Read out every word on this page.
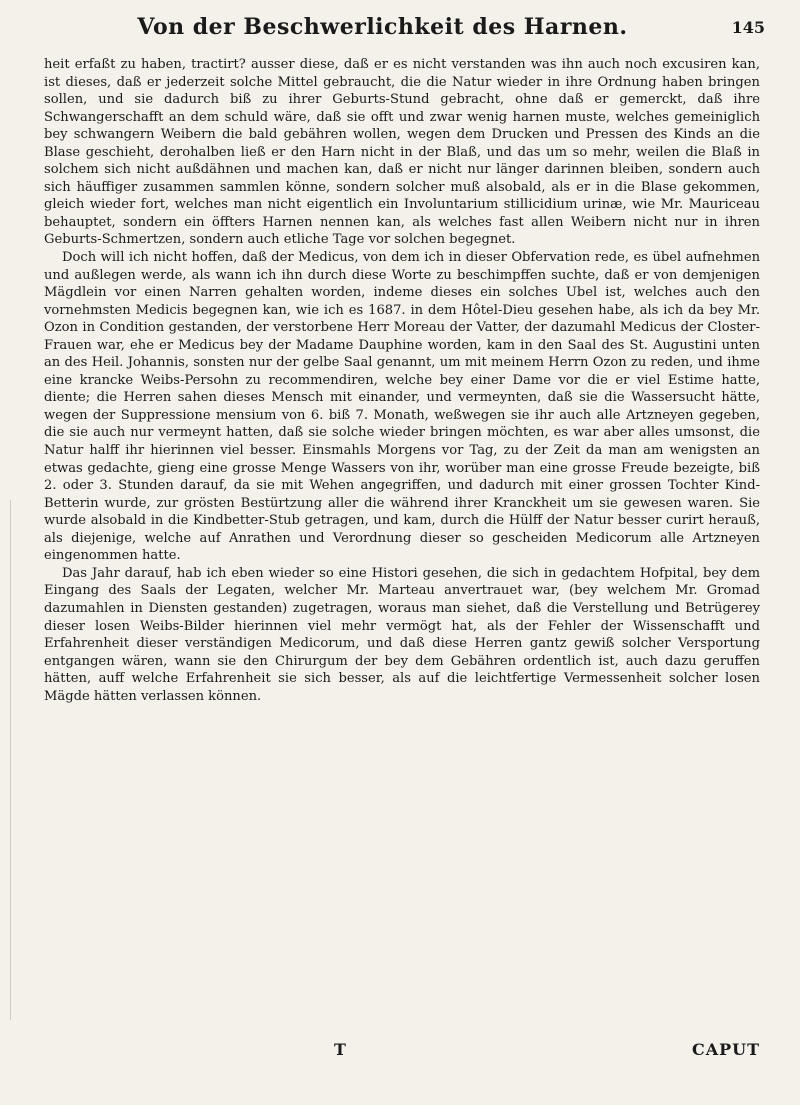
Von der Beschwerlichkeit des Harnen.	145

heit erfaßt zu haben, tractirt? ausser diese, daß er es nicht verstanden was ihn auch noch excusiren kan, ist dieses, daß er jederzeit solche Mittel gebraucht, die die Natur wieder in ihre Ordnung haben bringen sollen, und sie dadurch biß zu ihrer Geburts-Stund gebracht, ohne daß er gemerckt, daß ihre Schwangerschafft an dem schuld wäre, daß sie offt und zwar wenig harnen muste, welches gemeiniglich bey schwangern Weibern die bald gebähren wollen, wegen dem Drucken und Pressen des Kinds an die Blase geschieht, derohalben ließ er den Harn nicht in der Blaß, und das um so mehr, weilen die Blaß in solchem sich nicht außdähnen und machen kan, daß er nicht nur länger darinnen bleiben, sondern auch sich häuffiger zusammen sammlen könne, sondern solcher muß alsobald, als er in die Blase gekommen, gleich wieder fort, welches man nicht eigentlich ein Involuntarium stillicidium urinæ, wie Mr. Mauriceau behauptet, sondern ein öffters Harnen nennen kan, als welches fast allen Weibern nicht nur in ihren Geburts-Schmertzen, sondern auch etliche Tage vor solchen begegnet.

Doch will ich nicht hoffen, daß der Medicus, von dem ich in dieser Obfervation rede, es übel aufnehmen und außlegen werde, als wann ich ihn durch diese Worte zu beschimpffen suchte, daß er von demjenigen Mägdlein vor einen Narren gehalten worden, indeme dieses ein solches Ubel ist, welches auch den vornehmsten Medicis begegnen kan, wie ich es 1687. in dem Hôtel-Dieu gesehen habe, als ich da bey Mr. Ozon in Condition gestanden, der verstorbene Herr Moreau der Vatter, der dazumahl Medicus der Closter-Frauen war, ehe er Medicus bey der Madame Dauphine worden, kam in den Saal des St. Augustini unten an des Heil. Johannis, sonsten nur der gelbe Saal genannt, um mit meinem Herrn Ozon zu reden, und ihme eine krancke Weibs-Persohn zu recommendiren, welche bey einer Dame vor die er viel Estime hatte, diente; die Herren sahen dieses Mensch mit einander, und vermeynten, daß sie die Wassersucht hätte, wegen der Suppressione mensium von 6. biß 7. Monath, weßwegen sie ihr auch alle Artzneyen gegeben, die sie auch nur vermeynt hatten, daß sie solche wieder bringen möchten, es war aber alles umsonst, die Natur halff ihr hierinnen viel besser. Einsmahls Morgens vor Tag, zu der Zeit da man am wenigsten an etwas gedachte, gieng eine grosse Menge Wassers von ihr, worüber man eine grosse Freude bezeigte, biß 2. oder 3. Stunden darauf, da sie mit Wehen angegriffen, und dadurch mit einer grossen Tochter Kind-Betterin wurde, zur grösten Bestürtzung aller die während ihrer Kranckheit um sie gewesen waren. Sie wurde alsobald in die Kindbetter-Stub getragen, und kam, durch die Hülff der Natur besser curirt herauß, als diejenige, welche auf Anrathen und Verordnung dieser so gescheiden Medicorum alle Artzneyen eingenommen hatte.

Das Jahr darauf, hab ich eben wieder so eine Histori gesehen, die sich in gedachtem Hofpital, bey dem Eingang des Saals der Legaten, welcher Mr. Marteau anvertrauet war, (bey welchem Mr. Gromad dazumahlen in Diensten gestanden) zugetragen, woraus man siehet, daß die Verstellung und Betrügerey dieser losen Weibs-Bilder hierinnen viel mehr vermögt hat, als der Fehler der Wissenschafft und Erfahrenheit dieser verständigen Medicorum, und daß diese Herren gantz gewiß solcher Versportung entgangen wären, wann sie den Chirurgum der bey dem Gebähren ordentlich ist, auch dazu geruffen hätten, auff welche Erfahrenheit sie sich besser, als auf die leichtfertige Vermessenheit solcher losen Mägde hätten verlassen können.

T	CAPUT
